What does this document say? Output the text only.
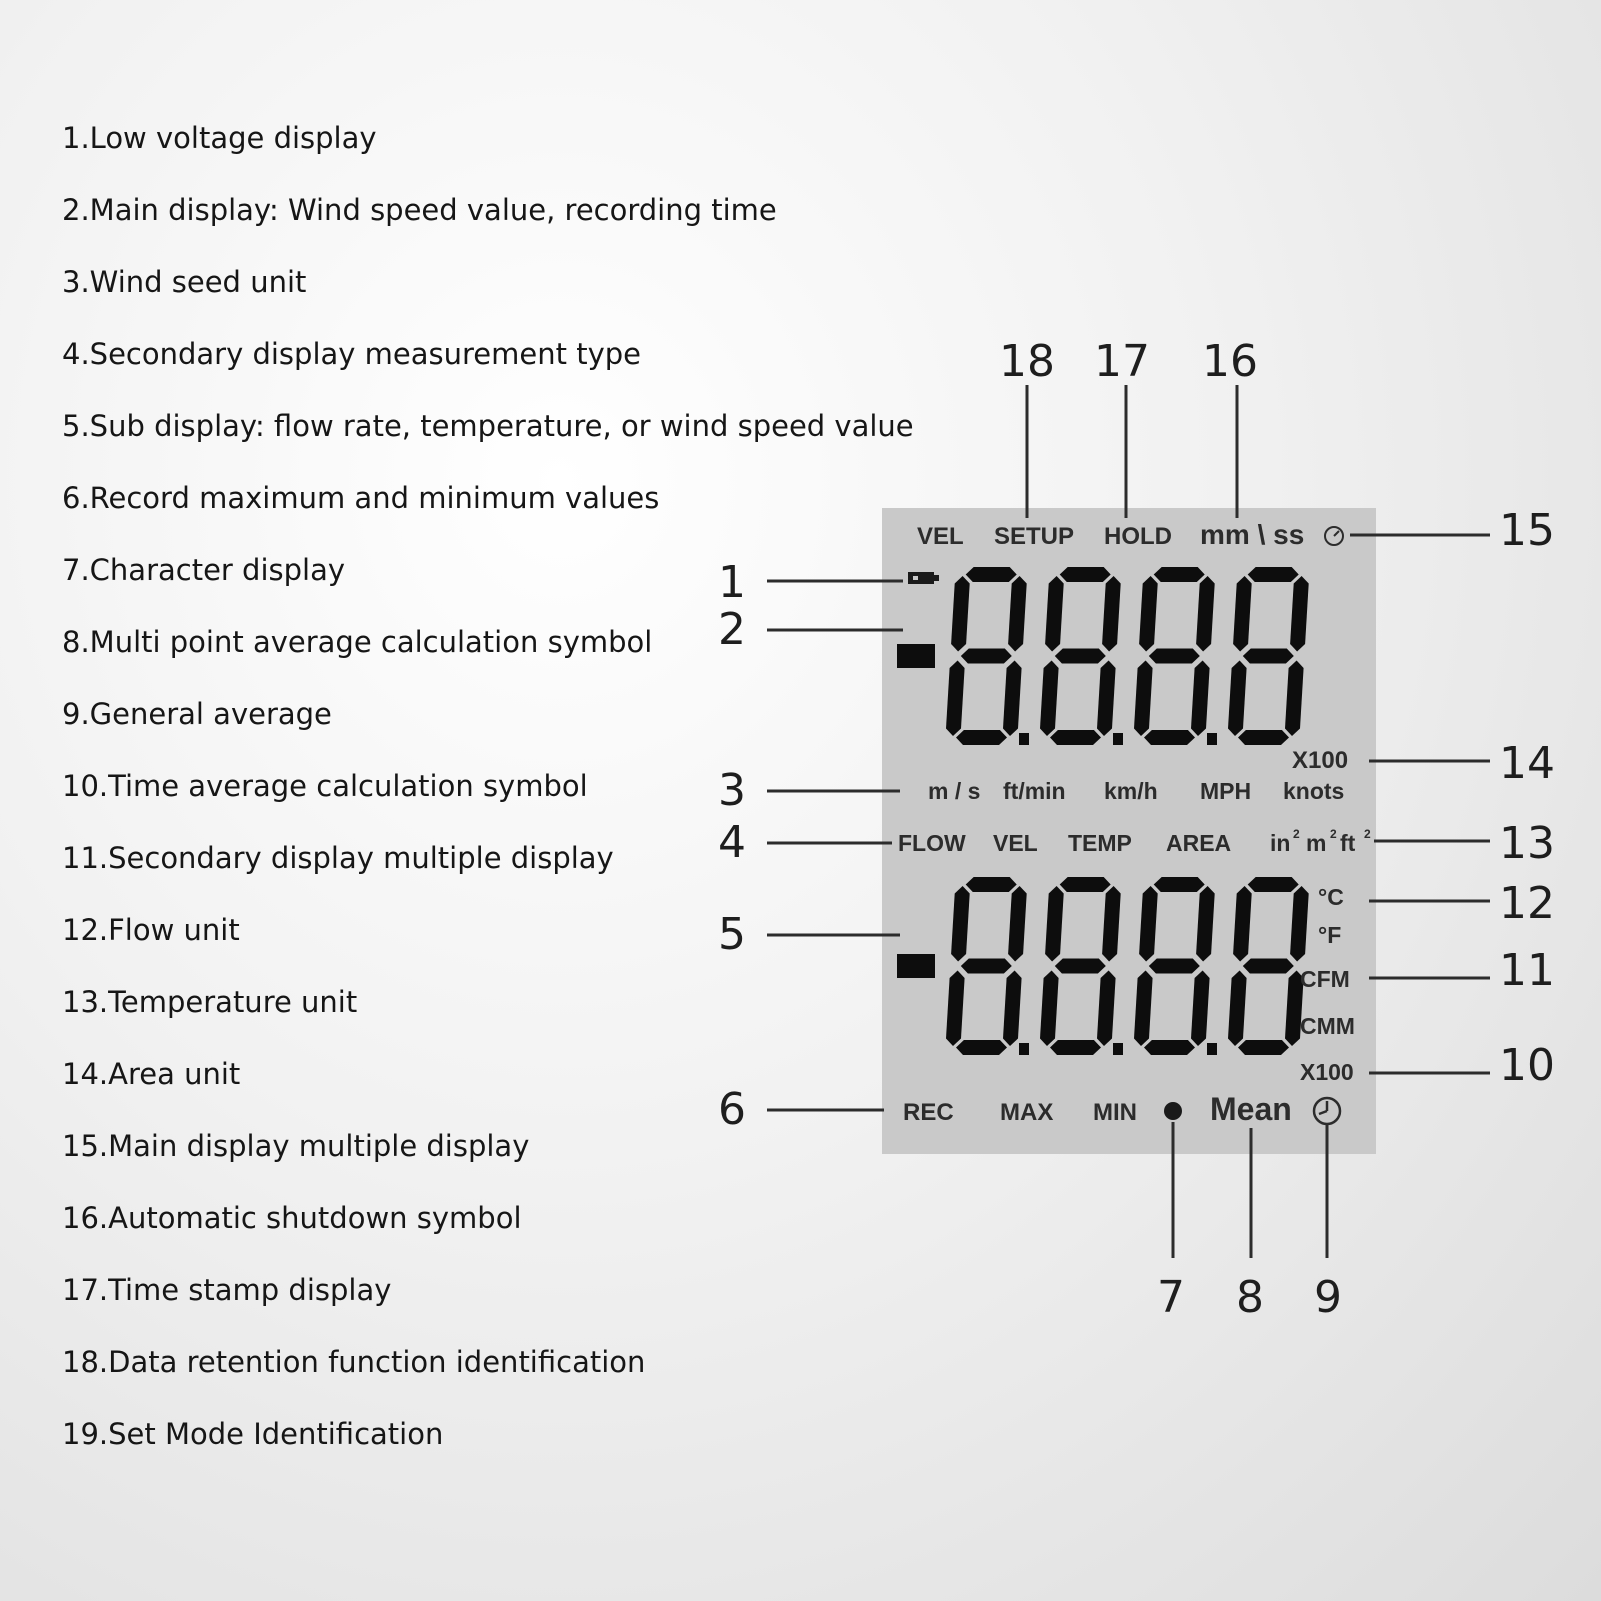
1.Low voltage display
2.Main display: Wind speed value, recording time
3.Wind seed unit
4.Secondary display measurement type
5.Sub display: flow rate, temperature, or wind speed value
6.Record maximum and minimum values
7.Character display
8.Multi point average calculation symbol
9.General average
10.Time average calculation symbol
11.Secondary display multiple display
12.Flow unit
13.Temperature unit
14.Area unit
15.Main display multiple display
16.Automatic shutdown symbol
17.Time stamp display
18.Data retention function identification
19.Set Mode Identification
VEL SETUP HOLD mm \ ss
X100
m / s ft/min km/h MPH knots
FLOW VEL TEMP AREA in 2 m 2 ft 2
°C
°F
CFM
CMM
X100
REC MAX MIN Mean
1
2
3
4
5
6
7 8 9
10
11
12
13
14
15
16
17
18
